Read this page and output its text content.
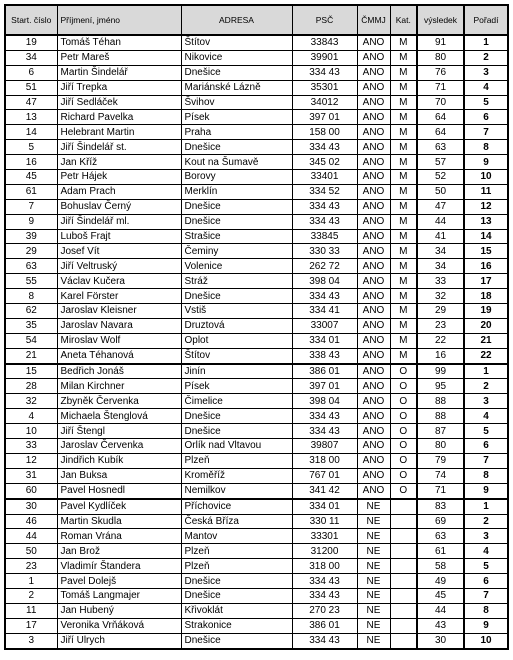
Start. číslo	Příjmení, jméno	ADRESA	PSČ	ČMMJ	Kat.	výsledek	Pořadí
19	Tomáš Téhan	Štítov	33843	ANO	M	91	1
34	Petr Mareš	Nikovice	39901	ANO	M	80	2
6	Martin Šindelář	Dnešice	334 43	ANO	M	76	3
51	Jiří Trepka	Mariánské Lázně	35301	ANO	M	71	4
47	Jiří Sedláček	Švihov	34012	ANO	M	70	5
13	Richard Pavelka	Písek	397 01	ANO	M	64	6
14	Helebrant Martin	Praha	158 00	ANO	M	64	7
5	Jiří Šindelář st.	Dnešice	334 43	ANO	M	63	8
16	Jan Kříž	Kout na Šumavě	345 02	ANO	M	57	9
45	Petr Hájek	Borovy	33401	ANO	M	52	10
61	Adam Prach	Merklín	334 52	ANO	M	50	11
7	Bohuslav Černý	Dnešice	334 43	ANO	M	47	12
9	Jiří Šindelář ml.	Dnešice	334 43	ANO	M	44	13
39	Luboš Frajt	Strašice	33845	ANO	M	41	14
29	Josef Vít	Čeminy	330 33	ANO	M	34	15
63	Jiří Veltruský	Volenice	262 72	ANO	M	34	16
55	Václav Kučera	Stráž	398 04	ANO	M	33	17
8	Karel Förster	Dnešice	334 43	ANO	M	32	18
62	Jaroslav Kleisner	Vstiš	334 41	ANO	M	29	19
35	Jaroslav Navara	Druztová	33007	ANO	M	23	20
54	Miroslav Wolf	Oplot	334 01	ANO	M	22	21
21	Aneta Téhanová	Štítov	338 43	ANO	M	16	22
15	Bedřich Jonáš	Jinín	386 01	ANO	O	99	1
28	Milan Kirchner	Písek	397 01	ANO	O	95	2
32	Zbyněk Červenka	Čimelice	398 04	ANO	O	88	3
4	Michaela Štenglová	Dnešice	334 43	ANO	O	88	4
10	Jiří Štengl	Dnešice	334 43	ANO	O	87	5
33	Jaroslav Červenka	Orlík nad Vltavou	39807	ANO	O	80	6
12	Jindřich Kubík	Plzeň	318 00	ANO	O	79	7
31	Jan Buksa	Kroměříž	767 01	ANO	O	74	8
60	Pavel Hosnedl	Nemilkov	341 42	ANO	O	71	9
30	Pavel Kydlíček	Příchovice	334 01	NE		83	1
46	Martin Skudla	Česká Bříza	330 11	NE		69	2
44	Roman Vrána	Mantov	33301	NE		63	3
50	Jan Brož	Plzeň	31200	NE		61	4
23	Vladimír Štandera	Plzeň	318 00	NE		58	5
1	Pavel Dolejš	Dnešice	334 43	NE		49	6
2	Tomáš Langmajer	Dnešice	334 43	NE		45	7
11	Jan Hubený	Křivoklát	270 23	NE		44	8
17	Veronika Vrňáková	Strakonice	386 01	NE		43	9
3	Jiří Ulrych	Dnešice	334 43	NE		30	10
